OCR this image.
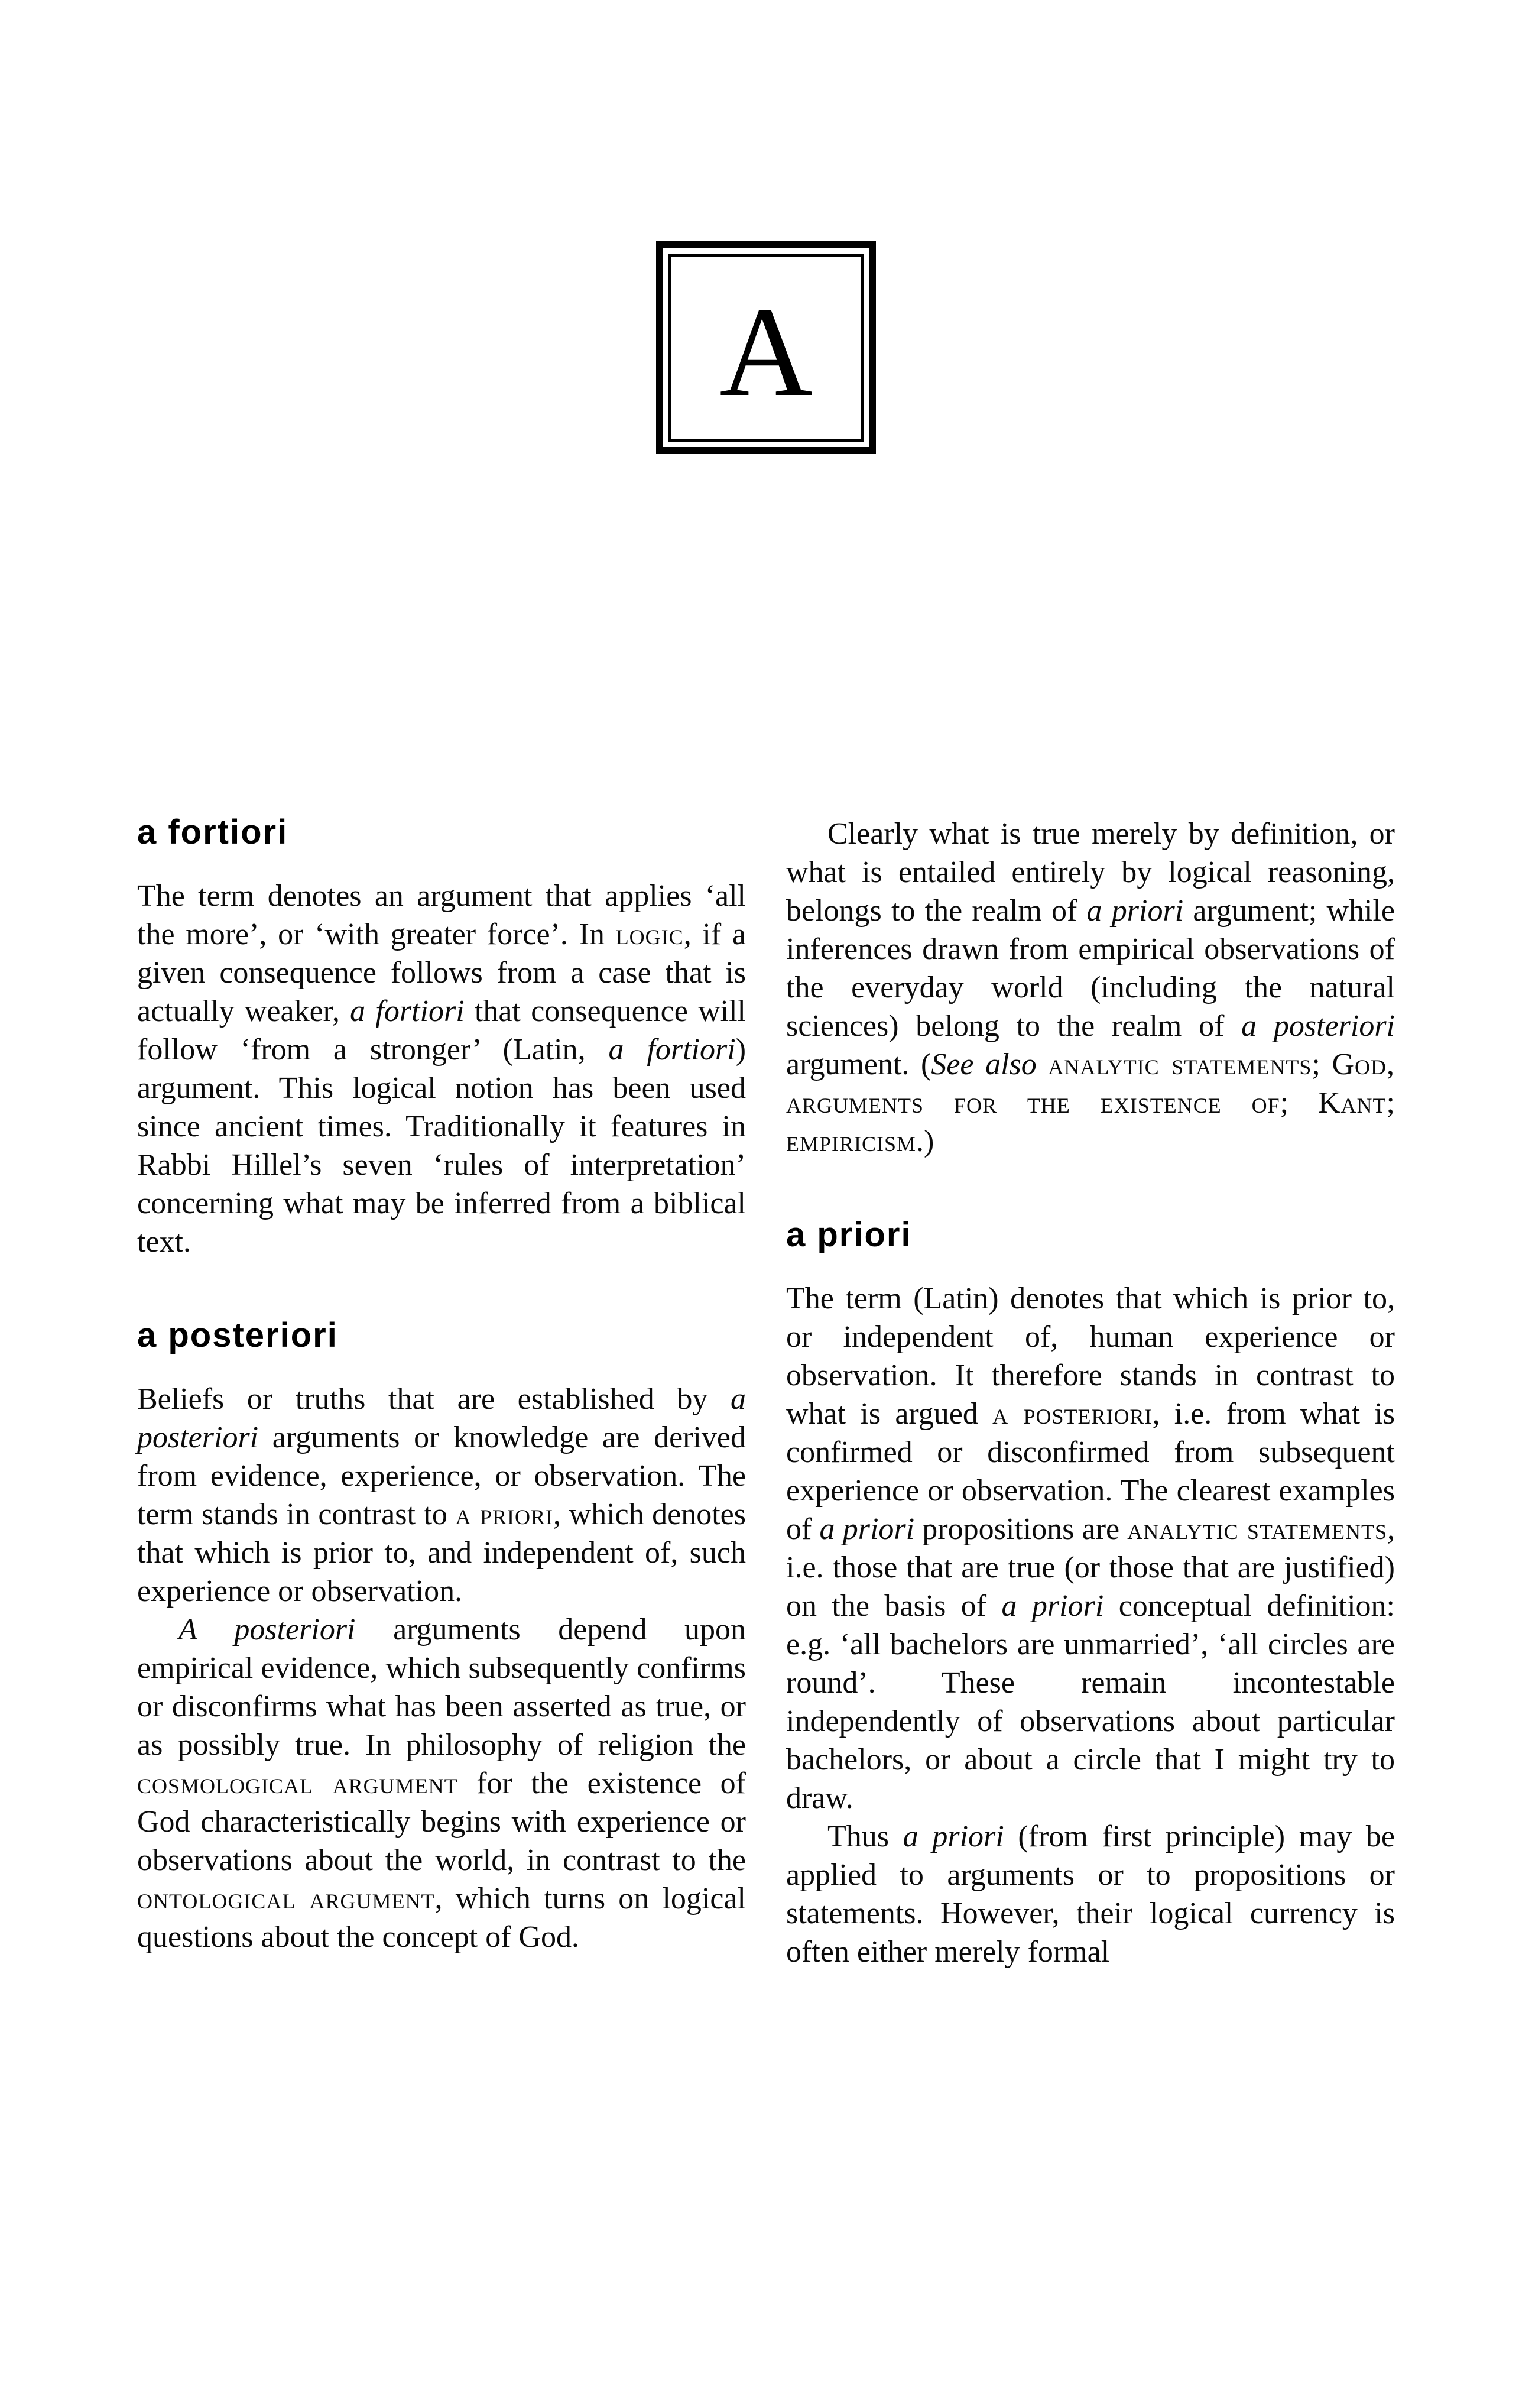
A
a fortiori

The term denotes an argument that applies ‘all the more’, or ‘with greater force’. In logic, if a given consequence follows from a case that is actually weaker, a fortiori that consequence will follow ‘from a stronger’ (Latin, a fortiori) argument. This logical notion has been used since ancient times. Traditionally it features in Rabbi Hillel’s seven ‘rules of interpretation’ concerning what may be inferred from a biblical text.

a posteriori

Beliefs or truths that are established by a posteriori arguments or knowledge are derived from evidence, experience, or observation. The term stands in contrast to a priori, which denotes that which is prior to, and independent of, such experience or observation.

A posteriori arguments depend upon empirical evidence, which subsequently confirms or disconfirms what has been asserted as true, or as possibly true. In philosophy of religion the cosmological argument for the existence of God characteristically begins with experience or observations about the world, in contrast to the ontological argument, which turns on logical questions about the concept of God.

Clearly what is true merely by definition, or what is entailed entirely by logical reasoning, belongs to the realm of a priori argument; while inferences drawn from empirical observations of the everyday world (including the natural sciences) belong to the realm of a posteriori argument. (See also analytic statements; God, arguments for the existence of; Kant; empiricism.)

a priori

The term (Latin) denotes that which is prior to, or independent of, human experience or observation. It therefore stands in contrast to what is argued a posteriori, i.e. from what is confirmed or disconfirmed from subsequent experience or observation. The clearest examples of a priori propositions are analytic statements, i.e. those that are true (or those that are justified) on the basis of a priori conceptual definition: e.g. ‘all bachelors are unmarried’, ‘all circles are round’. These remain incontestable independently of observations about particular bachelors, or about a circle that I might try to draw.

Thus a priori (from first principle) may be applied to arguments or to propositions or statements. However, their logical currency is often either merely formal
